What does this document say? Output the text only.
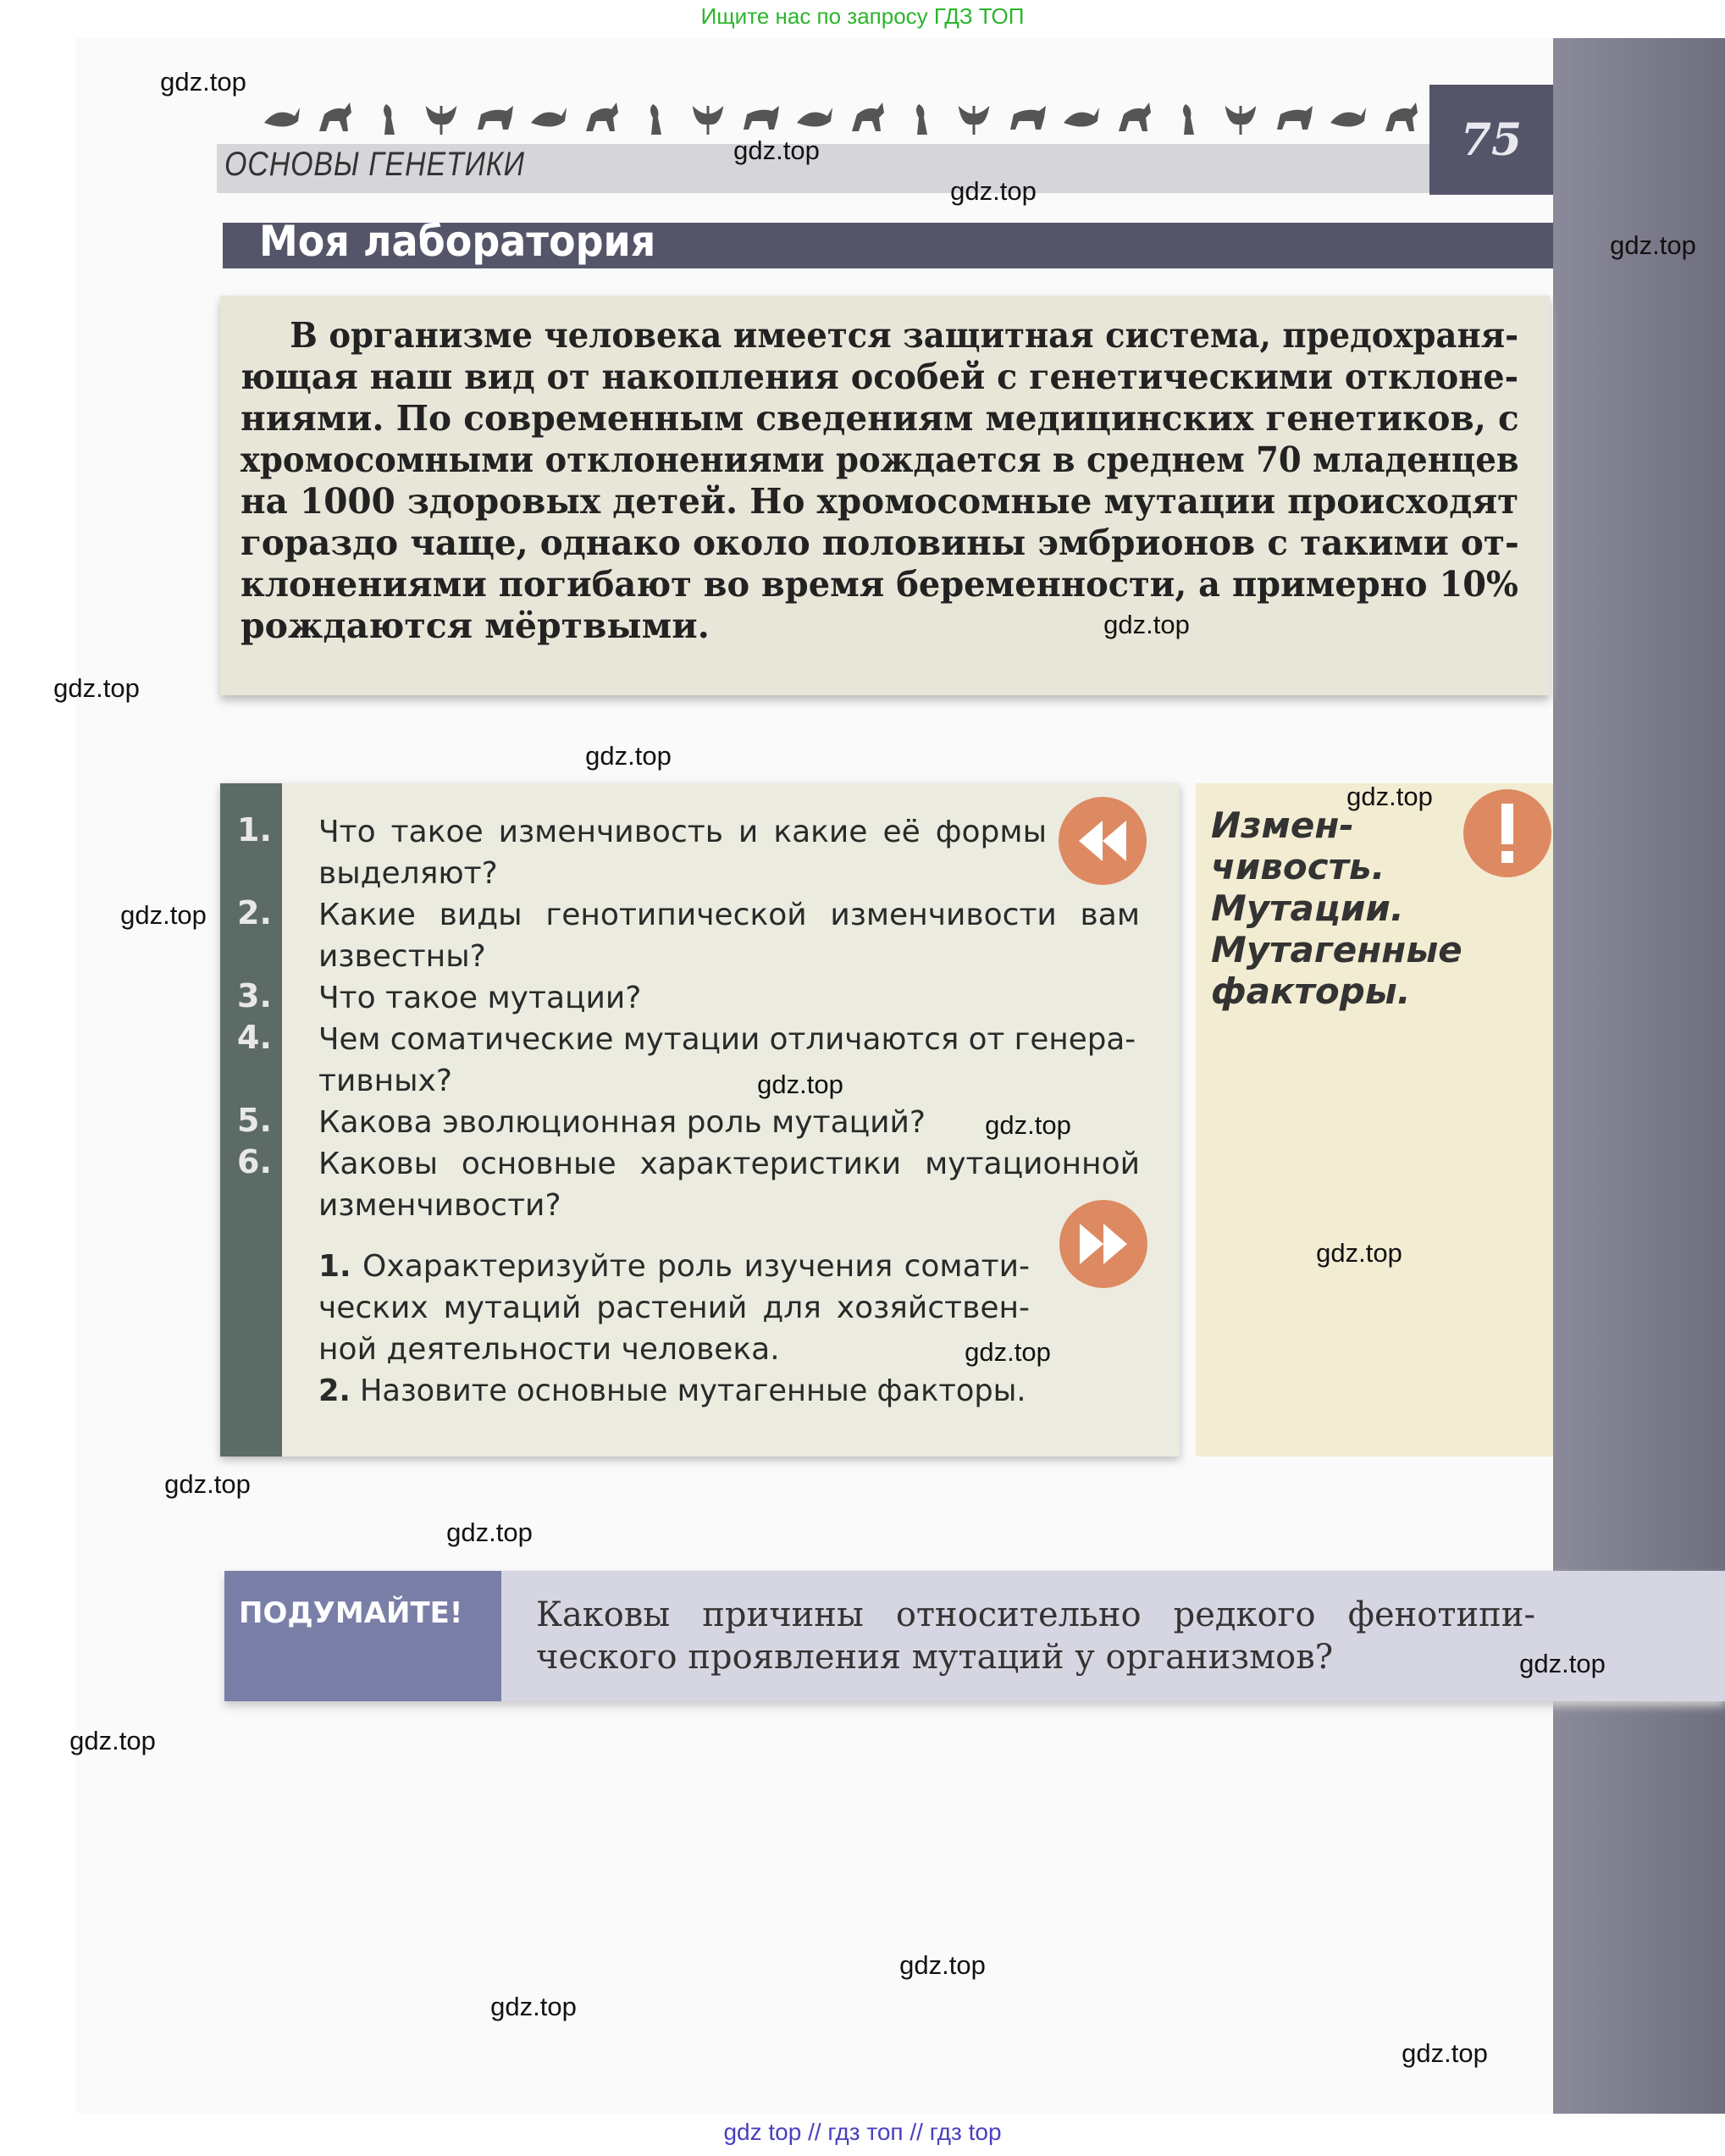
Ищите нас по запросу ГДЗ ТОП
ОСНОВЫ ГЕНЕТИКИ	75
Моя лаборатория
В организме человека имеется защитная система, предохраня-
ющая наш вид от накопления особей с генетическими отклоне-
ниями. По современным сведениям медицинских генетиков, с
хромосомными отклонениями рождается в среднем 70 младенцев
на 1000 здоровых детей. Но хромосомные мутации происходят
гораздо чаще, однако около половины эмбрионов с такими от-
клонениями погибают во время беременности, а примерно 10%
рождаются мёртвыми.
1. Что такое изменчивость и какие её формы
выделяют?
2. Какие виды генотипической изменчивости вам
известны?
3. Что такое мутации?
4. Чем соматические мутации отличаются от генера-
тивных?
5. Какова эволюционная роль мутаций?
6. Каковы основные характеристики мутационной
изменчивости?
1. Охарактеризуйте роль изучения сомати-
ческих мутаций растений для хозяйствен-
ной деятельности человека.
2. Назовите основные мутагенные факторы.
Измен-
чивость.
Мутации.
Мутагенные
факторы.
ПОДУМАЙТЕ! Каковы причины относительно редкого фенотипи-
ческого проявления мутаций у организмов?
gdz.top
gdz.top
gdz.top
gdz.top
gdz.top
gdz.top
gdz.top
gdz.top
gdz.top
gdz.top
gdz.top
gdz.top
gdz.top
gdz.top
gdz.top
gdz.top
gdz.top
gdz.top
gdz.top
gdz.top
gdz top // гдз топ // гдз top
